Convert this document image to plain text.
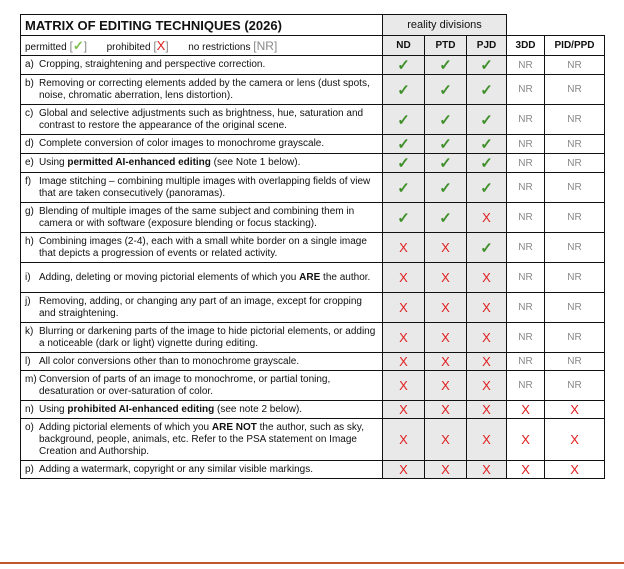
MATRIX OF EDITING TECHNIQUES (2026)	reality divisions				
permitted [✓] prohibited [X] no restrictions [NR]	ND	PTD	PJD	3DD	PID/PPD

a) Cropping, straightening and perspective correction.	✓	✓	✓	NR	NR

b) Removing or correcting elements added by the camera or lens (dust spots, noise, chromatic aberration, lens distortion).	✓	✓	✓	NR	NR

c) Global and selective adjustments such as brightness, hue, saturation and contrast to restore the appearance of the original scene.	✓	✓	✓	NR	NR

d) Complete conversion of color images to monochrome grayscale.	✓	✓	✓	NR	NR

e) Using permitted AI-enhanced editing (see Note 1 below).	✓	✓	✓	NR	NR

f) Image stitching – combining multiple images with overlapping fields of view that are taken consecutively (panoramas).	✓	✓	✓	NR	NR

g) Blending of multiple images of the same subject and combining them in camera or with software (exposure blending or focus stacking).	✓	✓	X	NR	NR

h) Combining images (2-4), each with a small white border on a single image that depicts a progression of events or related activity.	X	X	✓	NR	NR

i) Adding, deleting or moving pictorial elements of which you ARE the author.	X	X	X	NR	NR

j) Removing, adding, or changing any part of an image, except for cropping and straightening.	X	X	X	NR	NR

k) Blurring or darkening parts of the image to hide pictorial elements, or adding a noticeable (dark or light) vignette during editing.	X	X	X	NR	NR

l) All color conversions other than to monochrome grayscale.	X	X	X	NR	NR

m) Conversion of parts of an image to monochrome, or partial toning, desaturation or over-saturation of color.	X	X	X	NR	NR

n) Using prohibited AI-enhanced editing (see note 2 below).	X	X	X	X	X

o) Adding pictorial elements of which you ARE NOT the author, such as sky, background, people, animals, etc. Refer to the PSA statement on Image Creation and Authorship.	X	X	X	X	X

p) Adding a watermark, copyright or any similar visible markings.	X	X	X	X	X
